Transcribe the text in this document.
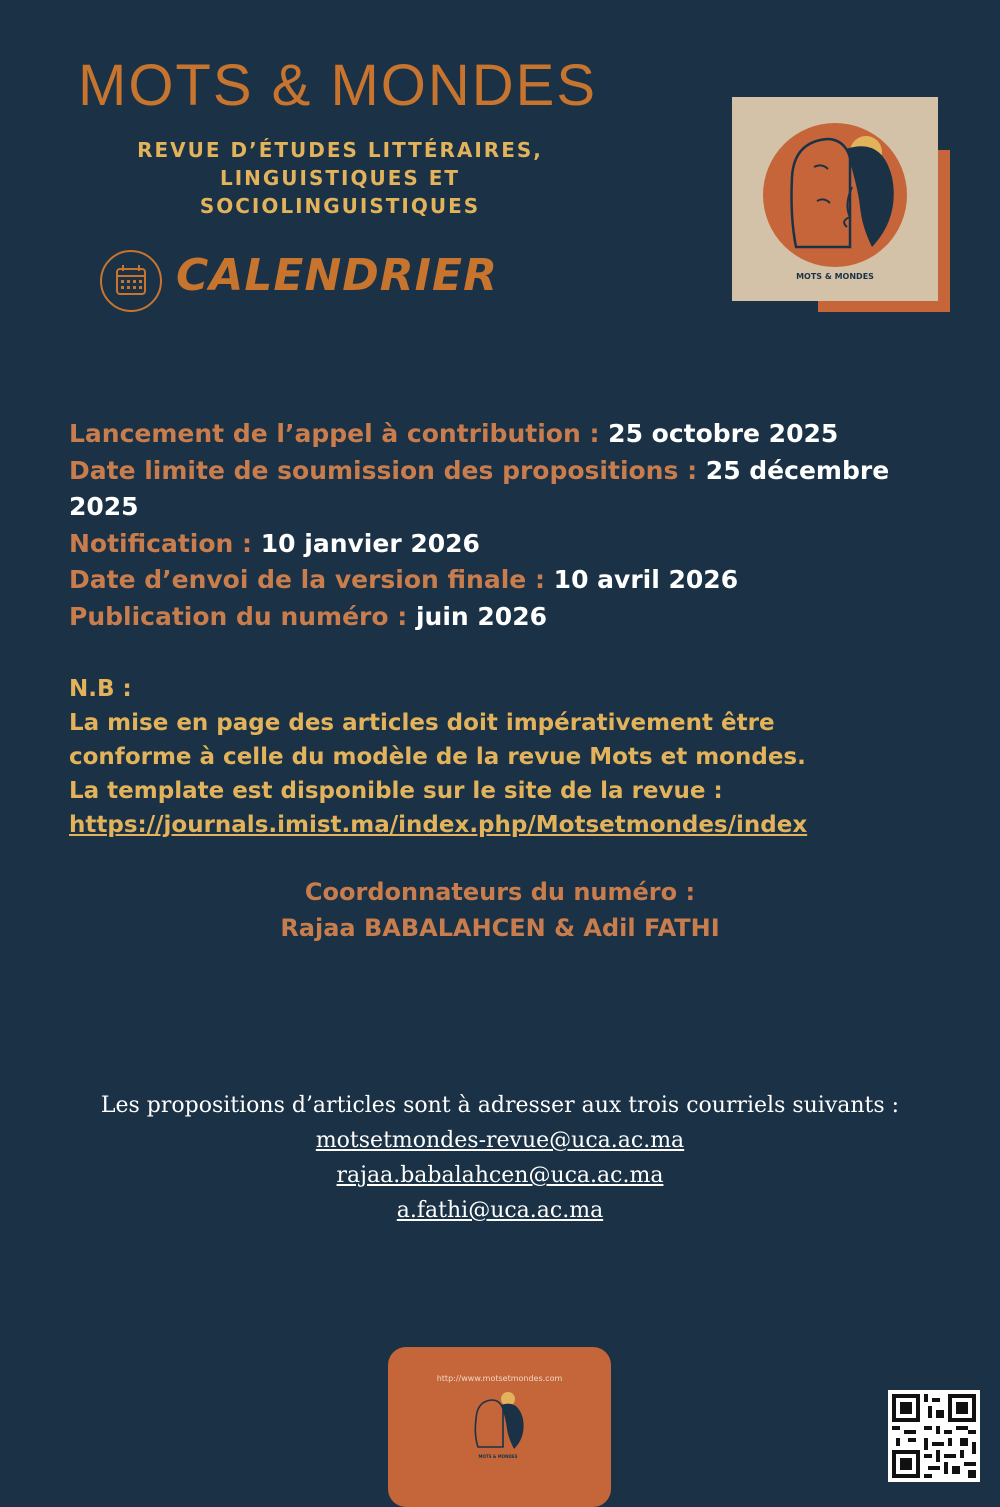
MOTS & MONDES
REVUE D’ÉTUDES LITTÉRAIRES,
LINGUISTIQUES ET
SOCIOLINGUISTIQUES
CALENDRIER	MOTS & MONDES
Lancement de l’appel à contribution : 25 octobre 2025
Date limite de soumission des propositions : 25 décembre 2025
Notification : 10 janvier 2026
Date d’envoi de la version finale : 10 avril 2026
Publication du numéro : juin 2026
N.B :
La mise en page des articles doit impérativement être
conforme à celle du modèle de la revue Mots et mondes.
La template est disponible sur le site de la revue :
https://journals.imist.ma/index.php/Motsetmondes/index
Coordonnateurs du numéro :
Rajaa BABALAHCEN & Adil FATHI
Les propositions d’articles sont à adresser aux trois courriels suivants :
motsetmondes-revue@uca.ac.ma
rajaa.babalahcen@uca.ac.ma
a.fathi@uca.ac.ma
http://www.motsetmondes.com
MOTS & MONDES
